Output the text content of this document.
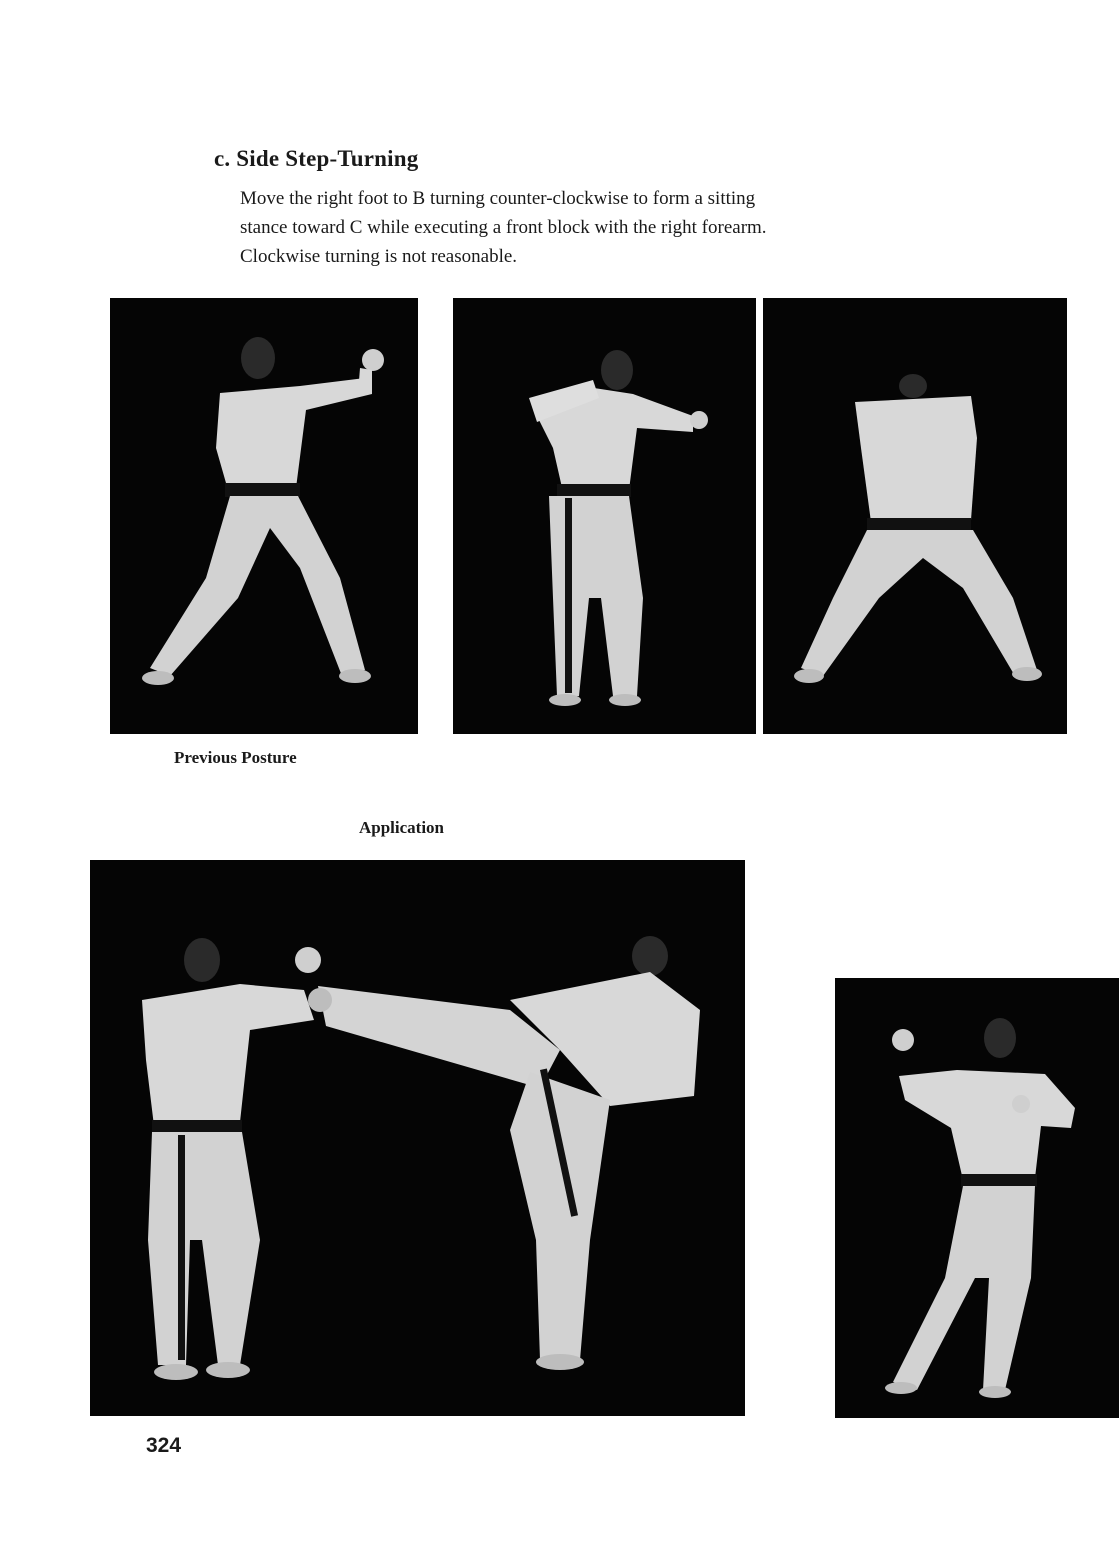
c. Side Step-Turning
Move the right foot to B turning counter-clockwise to form a sitting
stance toward C while executing a front block with the right forearm.
Clockwise turning is not reasonable.
Previous Posture
Application
324
